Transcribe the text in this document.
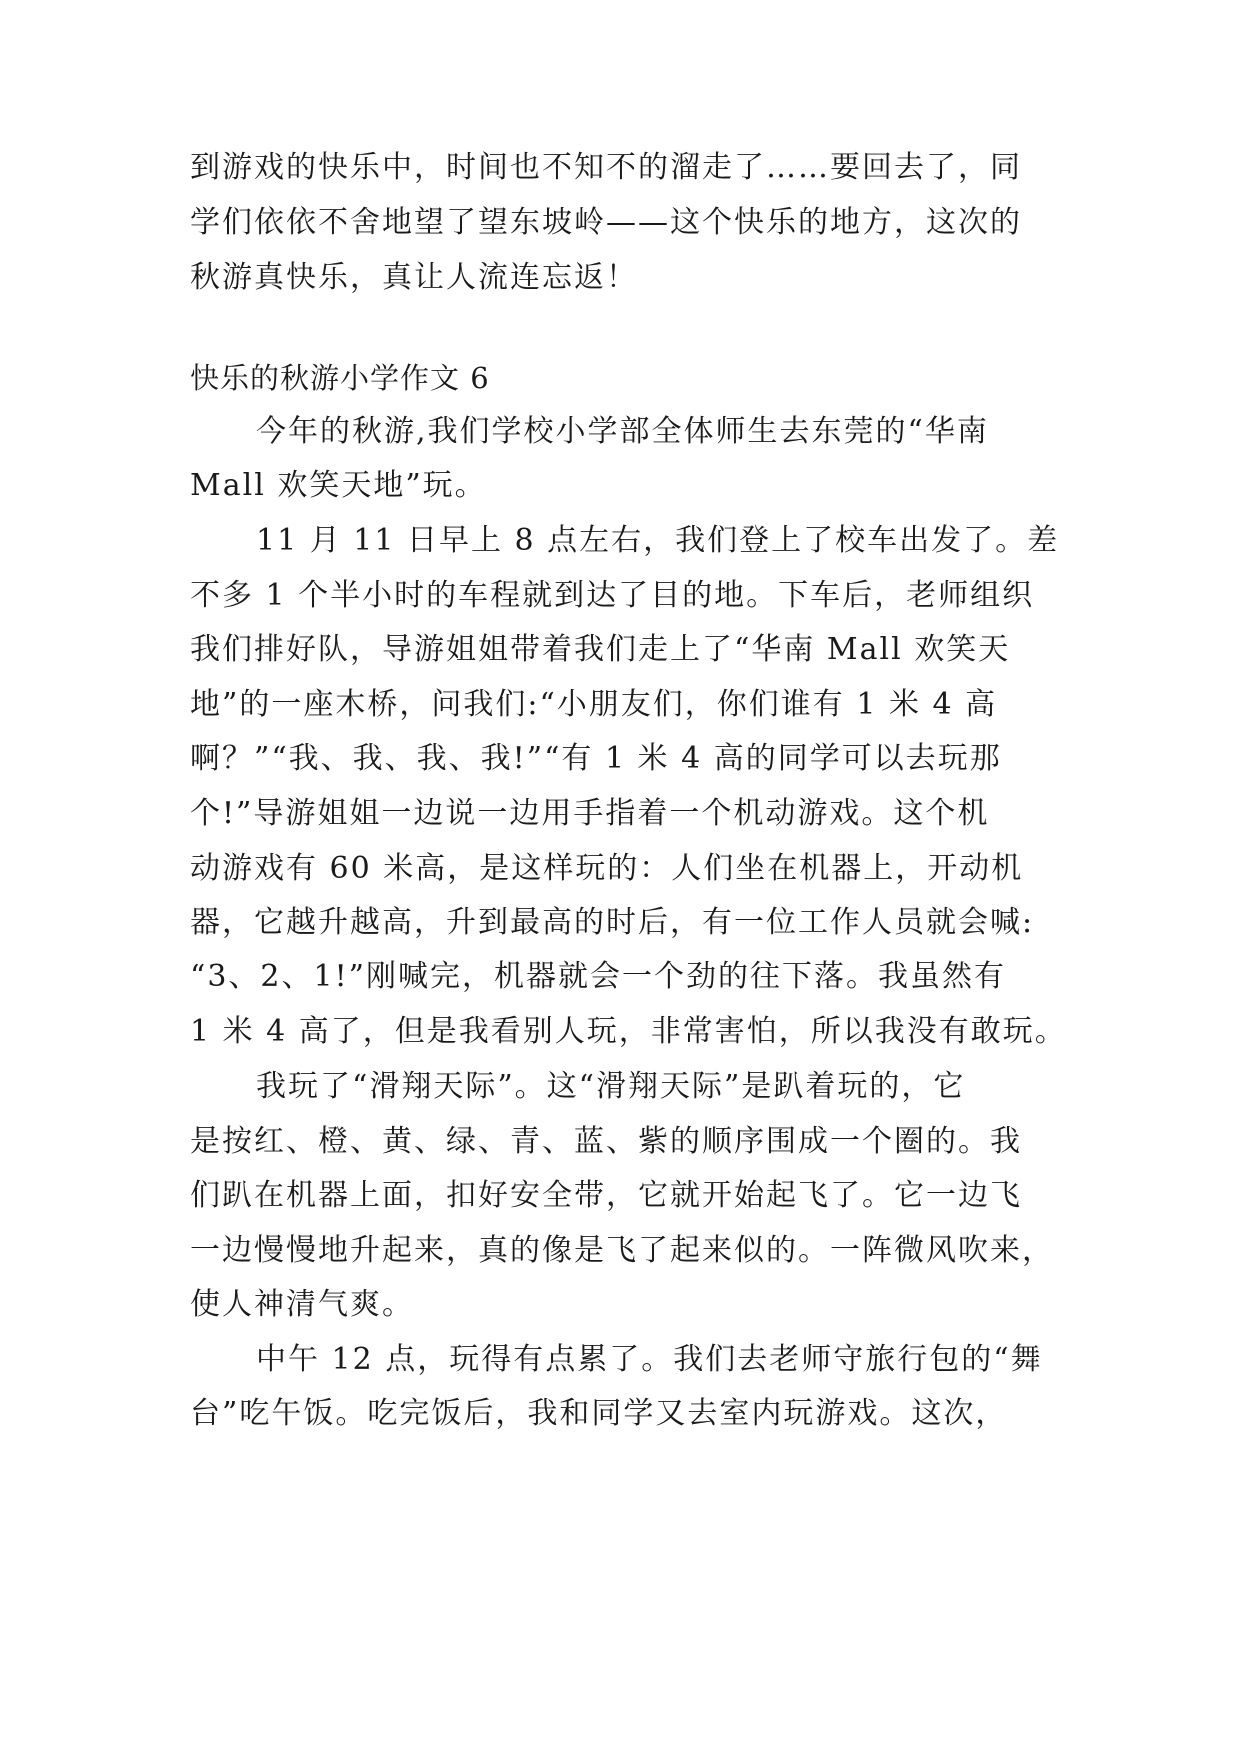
到游戏的快乐中，时间也不知不的溜走了……要回去了，同
学们依依不舍地望了望东坡岭——这个快乐的地方，这次的
秋游真快乐，真让人流连忘返！
快乐的秋游小学作文 6
今年的秋游,我们学校小学部全体师生去东莞的“华南
Mall 欢笑天地”玩。
11 月 11 日早上 8 点左右，我们登上了校车出发了。差
不多 1 个半小时的车程就到达了目的地。下车后，老师组织
我们排好队，导游姐姐带着我们走上了“华南 Mall 欢笑天
地”的一座木桥，问我们:“小朋友们，你们谁有 1 米 4 高
啊？”“我、我、我、我!”“有 1 米 4 高的同学可以去玩那
个!”导游姐姐一边说一边用手指着一个机动游戏。这个机
动游戏有 60 米高，是这样玩的：人们坐在机器上，开动机
器，它越升越高，升到最高的时后，有一位工作人员就会喊:
“3、2、1!”刚喊完，机器就会一个劲的往下落。我虽然有
1 米 4 高了，但是我看别人玩，非常害怕，所以我没有敢玩。
我玩了“滑翔天际”。这“滑翔天际”是趴着玩的，它
是按红、橙、黄、绿、青、蓝、紫的顺序围成一个圈的。我
们趴在机器上面，扣好安全带，它就开始起飞了。它一边飞
一边慢慢地升起来，真的像是飞了起来似的。一阵微风吹来，
使人神清气爽。
中午 12 点，玩得有点累了。我们去老师守旅行包的“舞
台”吃午饭。吃完饭后，我和同学又去室内玩游戏。这次，
